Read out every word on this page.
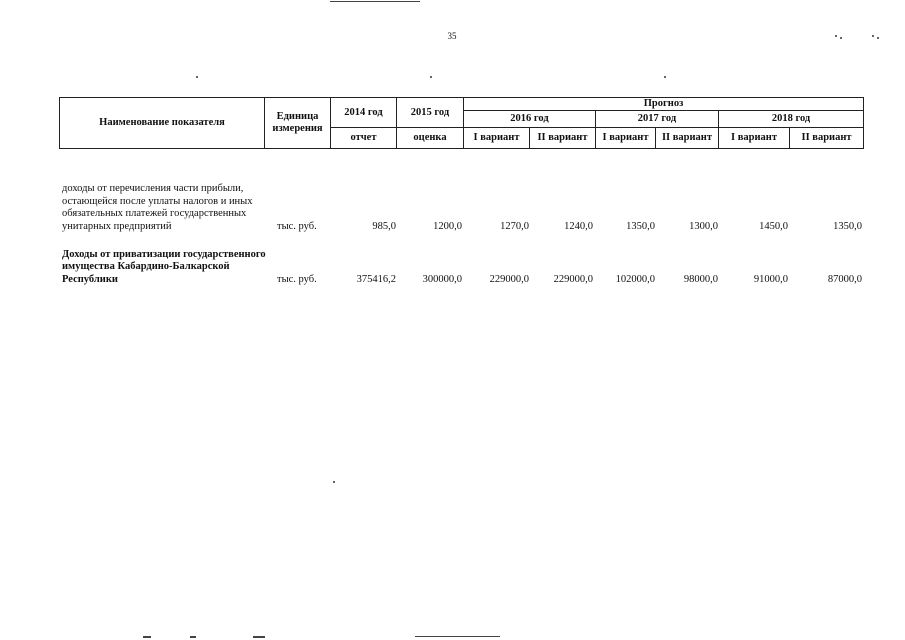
35
Наименование показателя	Единица измерения	2014 год	2015 год	Прогноз					
				2016 год		2017 год		2018 год	
		отчет	оценка	I вариант	II вариант	I вариант	II вариант	I вариант	II вариант
доходы от перечисления части прибыли, остающейся после уплаты налогов и иных обязательных платежей государственных унитарных предприятий	тыс. руб.	985,0	1200,0	1270,0	1240,0	1350,0	1300,0	1450,0	1350,0
Доходы от приватизации государственного имущества Кабардино-Балкарской Республики	тыс. руб.	375416,2	300000,0	229000,0	229000,0	102000,0	98000,0	91000,0	87000,0
